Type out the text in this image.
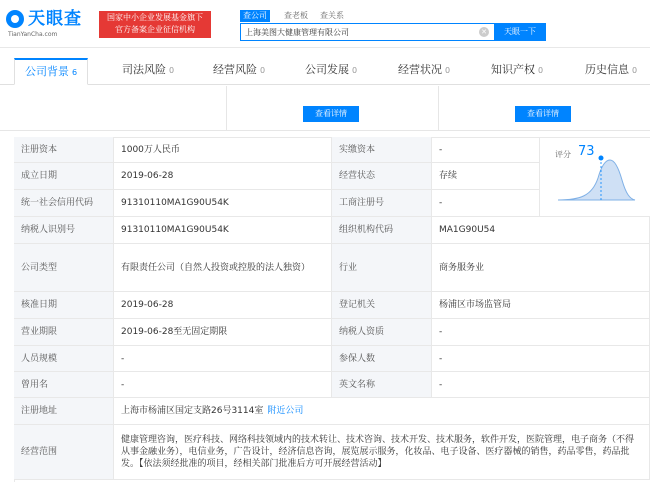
天眼查
TianYanCha.com
国家中小企业发展基金旗下
官方备案企业征信机构
查公司	查老板 查关系
上海美图大健康管理有限公司
✕	天眼一下
公司背景 6	司法风险 0	经营风险 0	公司发展 0	经营状况 0	知识产权 0	历史信息 0
查看详情	查看详情
注册资本	1000万人民币	实缴资本	-
成立日期	2019-06-28	经营状态	存续
统一社会信用代码	91310110MA1G90U54K	工商注册号	-
纳税人识别号	91310110MA1G90U54K	组织机构代码	MA1G90U54
公司类型	有限责任公司（自然人投资或控股的法人独资）	行业	商务服务业
核准日期	2019-06-28	登记机关	杨浦区市场监管局
营业期限	2019-06-28至无固定期限	纳税人资质	-
人员规模	-	参保人数	-
曾用名	-	英文名称	-
注册地址	上海市杨浦区国定支路26号3114室 附近公司
经营范围
健康管理咨询，医疗科技、网络科技领域内的技术转让、技术咨询、技术开发、技术服务，软件开发，医院管理，电子商务（不得从事金融业务），电信业务，广告设计，经济信息咨询，展览展示服务，化妆品、电子设备、医疗器械的销售，药品零售，药品批发。【依法须经批准的项目，经相关部门批准后方可开展经营活动】
评分 73
